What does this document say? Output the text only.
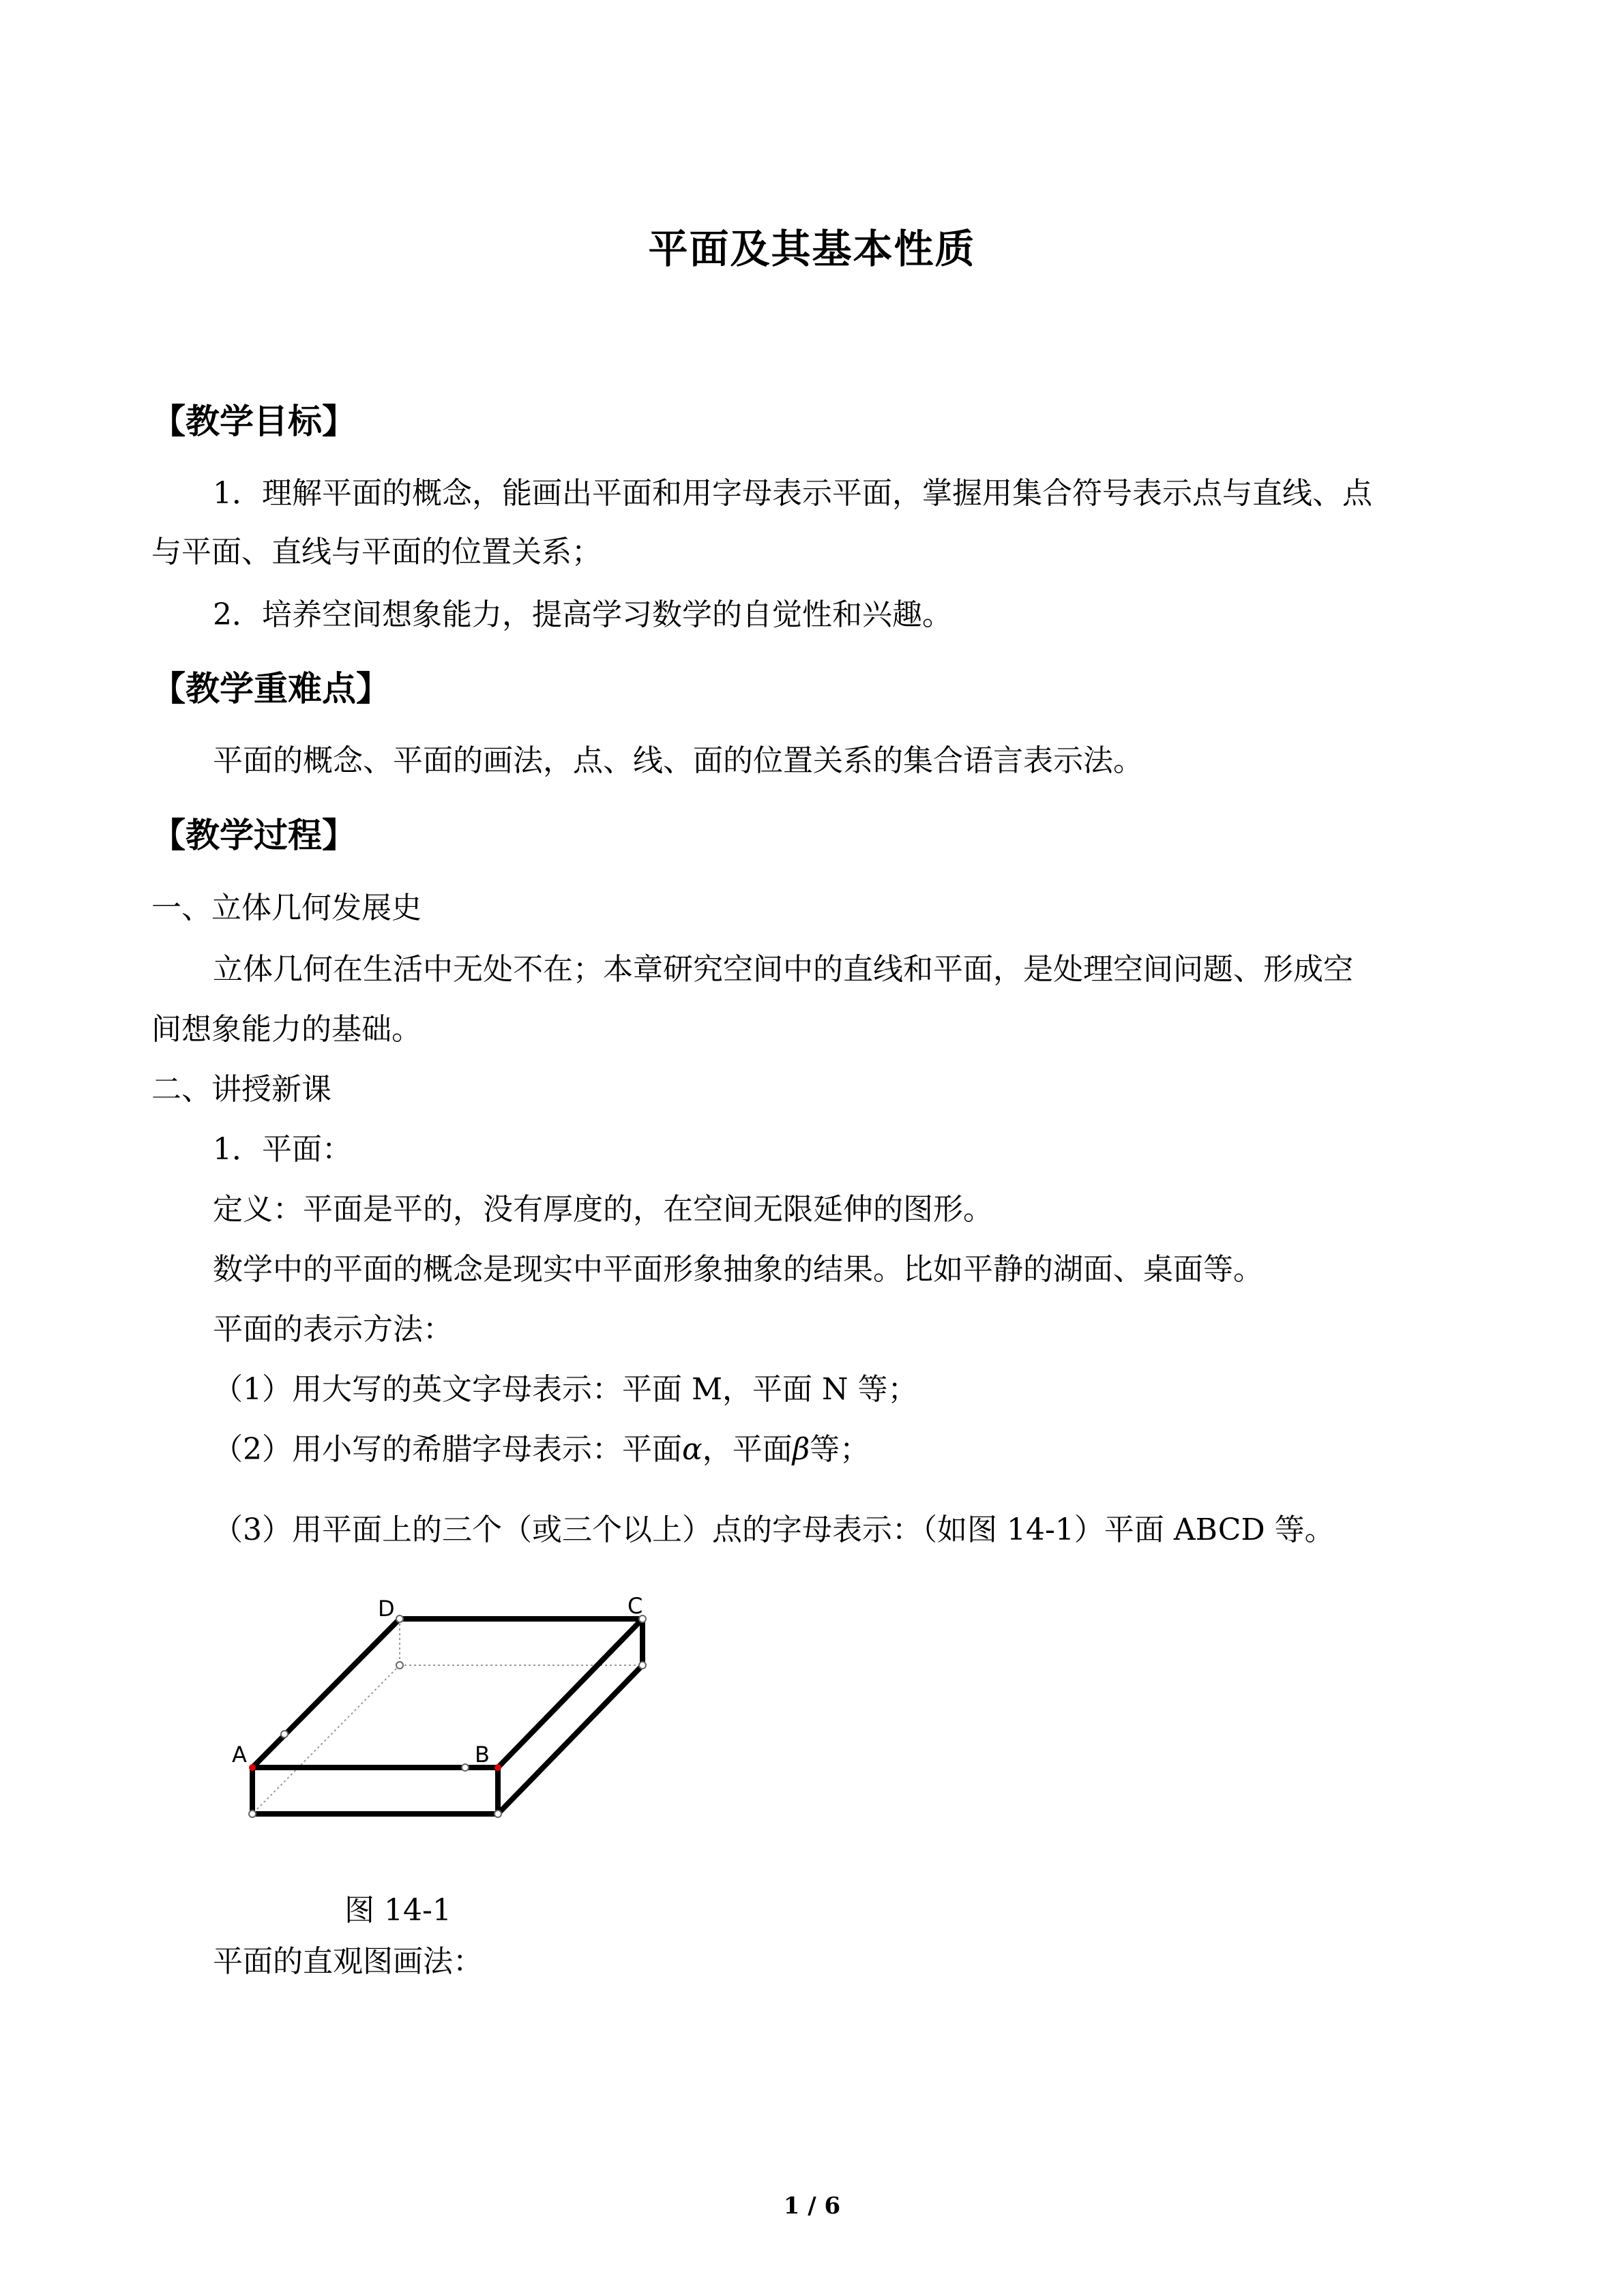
平面及其基本性质
【教学目标】
1．理解平面的概念，能画出平面和用字母表示平面，掌握用集合符号表示点与直线、点
与平面、直线与平面的位置关系；
2．培养空间想象能力，提高学习数学的自觉性和兴趣。
【教学重难点】
平面的概念、平面的画法，点、线、面的位置关系的集合语言表示法。
【教学过程】
一、立体几何发展史
立体几何在生活中无处不在；本章研究空间中的直线和平面，是处理空间问题、形成空
间想象能力的基础。
二、讲授新课
1．平面：
定义：平面是平的，没有厚度的，在空间无限延伸的图形。
数学中的平面的概念是现实中平面形象抽象的结果。比如平静的湖面、桌面等。
平面的表示方法：
（1）用大写的英文字母表示：平面 M，平面 N 等；
（2）用小写的希腊字母表示：平面α，平面β等；
（3）用平面上的三个（或三个以上）点的字母表示：（如图 14-1）平面 ABCD 等。
D	C
A	B
图 14-1
平面的直观图画法：
1 / 6
